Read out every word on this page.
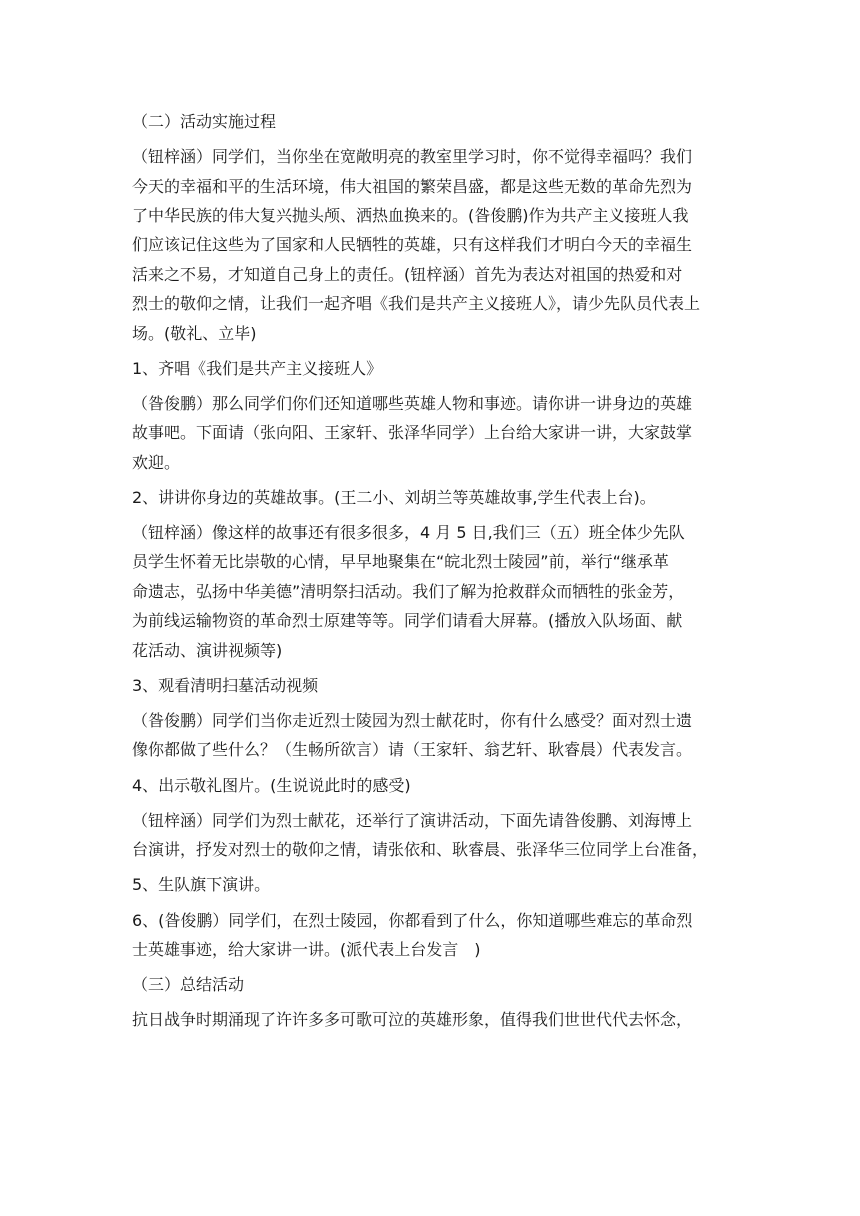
（二）活动实施过程
（钮梓涵）同学们，当你坐在宽敞明亮的教室里学习时，你不觉得幸福吗？我们
今天的幸福和平的生活环境，伟大祖国的繁荣昌盛，都是这些无数的革命先烈为
了中华民族的伟大复兴抛头颅、洒热血换来的。(昝俊鹏)作为共产主义接班人我
们应该记住这些为了国家和人民牺牲的英雄，只有这样我们才明白今天的幸福生
活来之不易，才知道自己身上的责任。(钮梓涵）首先为表达对祖国的热爱和对
烈士的敬仰之情，让我们一起齐唱《我们是共产主义接班人》，请少先队员代表上
场。(敬礼、立毕)
1、齐唱《我们是共产主义接班人》
（昝俊鹏）那么同学们你们还知道哪些英雄人物和事迹。请你讲一讲身边的英雄
故事吧。下面请（张向阳、王家轩、张泽华同学）上台给大家讲一讲，大家鼓掌
欢迎。
2、讲讲你身边的英雄故事。(王二小、刘胡兰等英雄故事,学生代表上台)。
（钮梓涵）像这样的故事还有很多很多，4 月 5 日,我们三（五）班全体少先队
员学生怀着无比崇敬的心情，早早地聚集在“皖北烈士陵园”前，举行“继承革
命遗志，弘扬中华美德”清明祭扫活动。我们了解为抢救群众而牺牲的张金芳，
为前线运输物资的革命烈士原建等等。同学们请看大屏幕。(播放入队场面、献
花活动、演讲视频等)
3、观看清明扫墓活动视频
（昝俊鹏）同学们当你走近烈士陵园为烈士献花时，你有什么感受？面对烈士遗
像你都做了些什么？（生畅所欲言）请（王家轩、翁艺轩、耿睿晨）代表发言。
4、出示敬礼图片。(生说说此时的感受)
（钮梓涵）同学们为烈士献花，还举行了演讲活动，下面先请昝俊鹏、刘海博上
台演讲，抒发对烈士的敬仰之情，请张依和、耿睿晨、张泽华三位同学上台准备，
5、生队旗下演讲。
6、(昝俊鹏）同学们，在烈士陵园，你都看到了什么，你知道哪些难忘的革命烈
士英雄事迹，给大家讲一讲。(派代表上台发言　)
（三）总结活动
抗日战争时期涌现了许许多多可歌可泣的英雄形象，值得我们世世代代去怀念，
